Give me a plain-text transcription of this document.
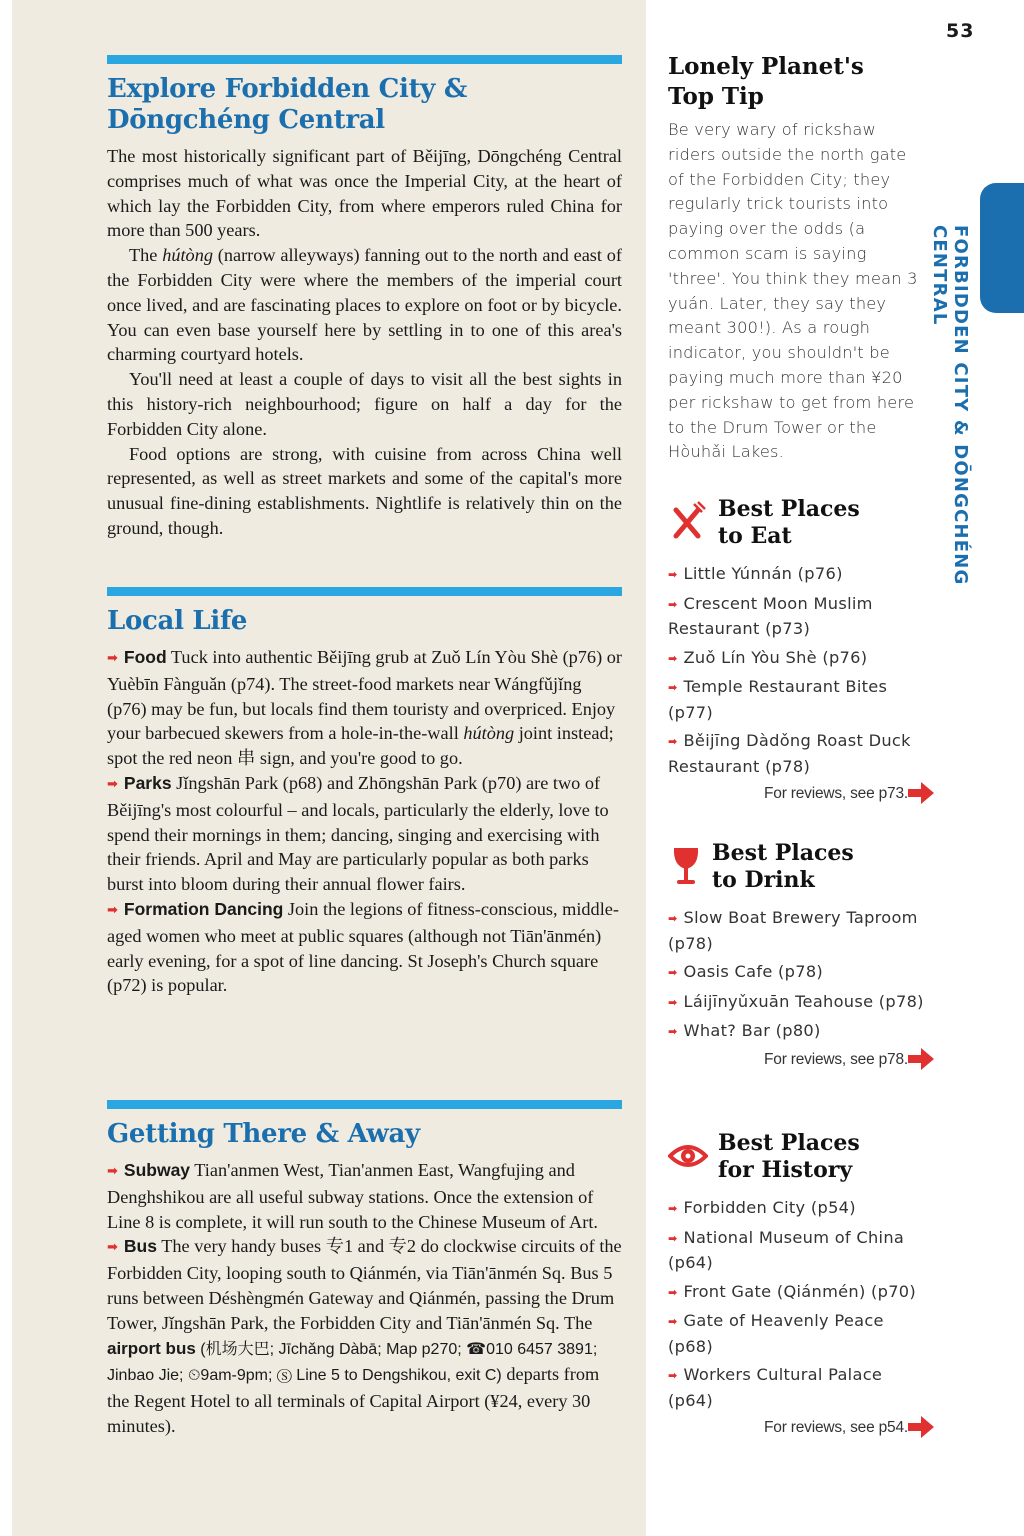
Explore Forbidden City &
Dōngchéng Central

The most historically significant part of Běijīng, Dōngchéng Central comprises much of what was once the Imperial City, at the heart of which lay the Forbidden City, from where emperors ruled China for more than 500 years.

The hútòng (narrow alleyways) fanning out to the north and east of the Forbidden City were where the members of the imperial court once lived, and are fascinating places to explore on foot or by bicycle. You can even base yourself here by settling in to one of this area's charming courtyard hotels.

You'll need at least a couple of days to visit all the best sights in this history-rich neighbourhood; figure on half a day for the Forbidden City alone.

Food options are strong, with cuisine from across China well represented, as well as street markets and some of the capital's more unusual fine-dining establishments. Nightlife is relatively thin on the ground, though.

Local Life

➡ Food Tuck into authentic Běijīng grub at Zuǒ Lín Yòu Shè (p76) or Yuèbīn Fànguǎn (p74). The street-food markets near Wángfǔjǐng (p76) may be fun, but locals find them touristy and overpriced. Enjoy your barbecued skewers from a hole-in-the-wall hútòng joint instead; spot the red neon 串 sign, and you're good to go.

➡ Parks Jǐngshān Park (p68) and Zhōngshān Park (p70) are two of Běijīng's most colourful – and locals, particularly the elderly, love to spend their mornings in them; dancing, singing and exercising with their friends. April and May are particularly popular as both parks burst into bloom during their annual flower fairs.

➡ Formation Dancing Join the legions of fitness-conscious, middle-aged women who meet at public squares (although not Tiān'ānmén) early evening, for a spot of line dancing. St Joseph's Church square (p72) is popular.

Getting There & Away

➡ Subway Tian'anmen West, Tian'anmen East, Wangfujing and Denghshikou are all useful subway stations. Once the extension of Line 8 is complete, it will run south to the Chinese Museum of Art.

➡ Bus The very handy buses 专1 and 专2 do clockwise circuits of the Forbidden City, looping south to Qiánmén, via Tiān'ānmén Sq. Bus 5 runs between Déshèngmén Gateway and Qiánmén, passing the Drum Tower, Jǐngshān Park, the Forbidden City and Tiān'ānmén Sq. The airport bus (机场大巴; Jīchǎng Dàbā; Map p270; ☎010 6457 3891; Jinbao Jie; ⏲9am-9pm; Ⓢ Line 5 to Dengshikou, exit C) departs from the Regent Hotel to all terminals of Capital Airport (¥24, every 30 minutes).

53
FORBIDDEN CITY & DŌNGCHÉNG CENTRAL
Lonely Planet's
Top Tip
Be very wary of rickshaw riders outside the north gate of the Forbidden City; they regularly trick tourists into paying over the odds (a common scam is saying 'three'. You think they mean 3 yuán. Later, they say they meant 300!). As a rough indicator, you shouldn't be paying much more than ¥20 per rickshaw to get from here to the Drum Tower or the Hòuhǎi Lakes.
Best Places
to Eat
➡ Little Yúnnán (p76)
➡ Crescent Moon Muslim Restaurant (p73)
➡ Zuǒ Lín Yòu Shè (p76)
➡ Temple Restaurant Bites (p77)
➡ Běijīng Dàdǒng Roast Duck Restaurant (p78)
For reviews, see p73.
Best Places
to Drink
➡ Slow Boat Brewery Taproom (p78)
➡ Oasis Cafe (p78)
➡ Láijīnyǔxuān Teahouse (p78)
➡ What? Bar (p80)
For reviews, see p78.
Best Places
for History
➡ Forbidden City (p54)
➡ National Museum of China (p64)
➡ Front Gate (Qiánmén) (p70)
➡ Gate of Heavenly Peace (p68)
➡ Workers Cultural Palace (p64)
For reviews, see p54.
